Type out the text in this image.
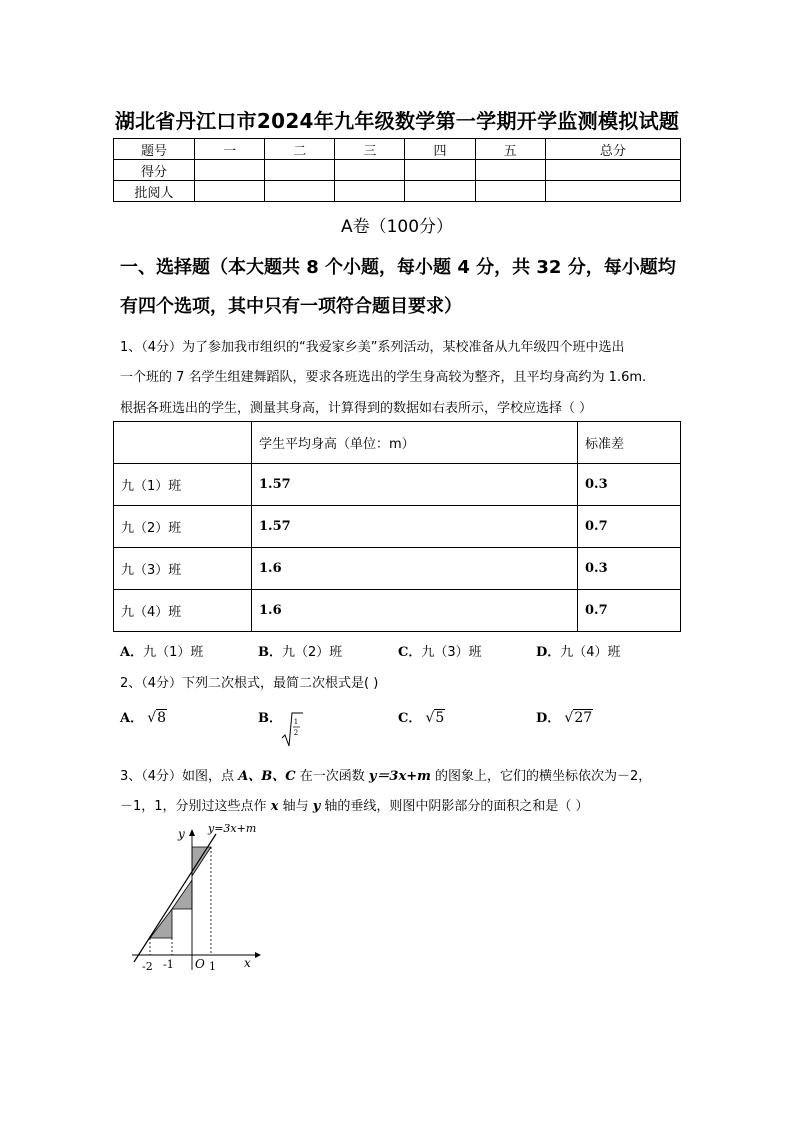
湖北省丹江口市2024年九年级数学第一学期开学监测模拟试题
题号	一	二	三	四	五	总分
得分						
批阅人						
A卷（100分）
一、选择题（本大题共 8 个小题，每小题 4 分，共 32 分，每小题均
有四个选项，其中只有一项符合题目要求）
1、（4分）为了参加我市组织的“我爱家乡美”系列活动，某校准备从九年级四个班中选出
一个班的 7 名学生组建舞蹈队，要求各班选出的学生身高较为整齐，且平均身高约为 1.6m.
根据各班选出的学生，测量其身高，计算得到的数据如右表所示，学校应选择（ ）
	学生平均身高（单位：m）	标准差
九（1）班	1.57	0.3
九（2）班	1.57	0.7
九（3）班	1.6	0.3
九（4）班	1.6	0.7
A．九（1）班	B．九（2）班	C．九（3）班	D．九（4）班
2、（4分）下列二次根式，最简二次根式是( )
A． √8	B． 1
2
C． √5	D． √27
3、（4分）如图，点 A、B、C 在一次函数 y＝3x+m 的图象上，它们的横坐标依次为－2，
－1，1，分别过这些点作 x 轴与 y 轴的垂线，则图中阴影部分的面积之和是（ ）
y=3x+m
y
x
O
-2 -1	1
